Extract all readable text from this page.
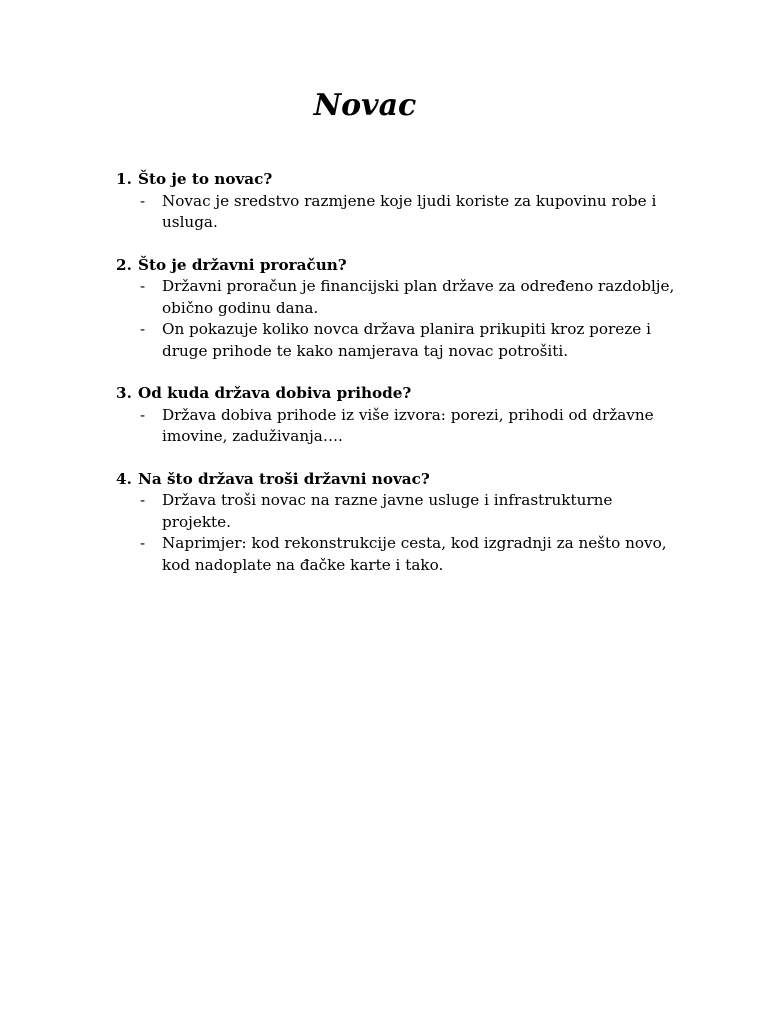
Novac
1. Što je to novac?
-	Novac je sredstvo razmjene koje ljudi koriste za kupovinu robe i usluga.
2. Što je državni proračun?
-	Državni proračun je financijski plan države za određeno razdoblje, obično godinu dana.
-	On pokazuje koliko novca država planira prikupiti kroz poreze i druge prihode te kako namjerava taj novac potrošiti.
3. Od kuda država dobiva prihode?
-	Država dobiva prihode iz više izvora: porezi, prihodi od državne imovine, zaduživanja….
4. Na što država troši državni novac?
-	Država troši novac na razne javne usluge i infrastrukturne projekte.
-	Naprimjer: kod rekonstrukcije cesta, kod izgradnji za nešto novo, kod nadoplate na đačke karte i tako.
